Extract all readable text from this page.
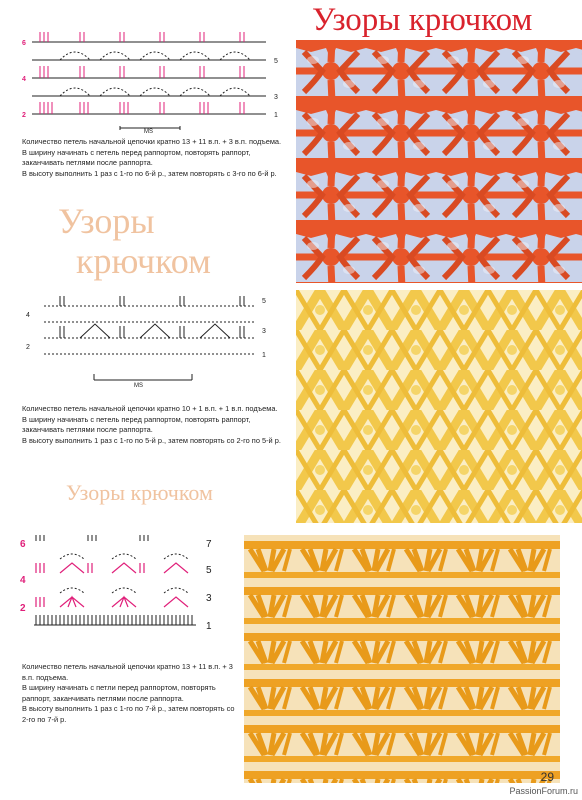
Узоры крючком
6
4
2
5
3
1
MS

Количество петель начальной цепочки кратно 13 + 11 в.п. + 3 в.п. подъема.

В ширину начинать с петель перед раппортом, повторять раппорт, заканчивать петлями после раппорта.

В высоту выполнить 1 раз с 1-го по 6-й р., затем повторять с 3-го по 6-й р.

Узоры
крючком
4
2
5
3
1
MS

Количество петель начальной цепочки кратно 10 + 1 в.п. + 1 в.п. подъема.

В ширину начинать с петель перед раппортом, повторять раппорт, заканчивать петлями после раппорта.

В высоту выполнить 1 раз с 1-го по 5-й р., затем повторять со 2-го по 5-й р.

Узоры крючком
6
4
2
7
5
3
1

Количество петель начальной цепочки кратно 13 + 11 в.п. + 3 в.п. подъема.

В ширину начинать с петли перед раппортом, повторять раппорт, заканчивать петлями после раппорта.

В высоту выполнить 1 раз с 1-го по 7-й р., затем повторять со 2-го по 7-й р.

29
PassionForum.ru
